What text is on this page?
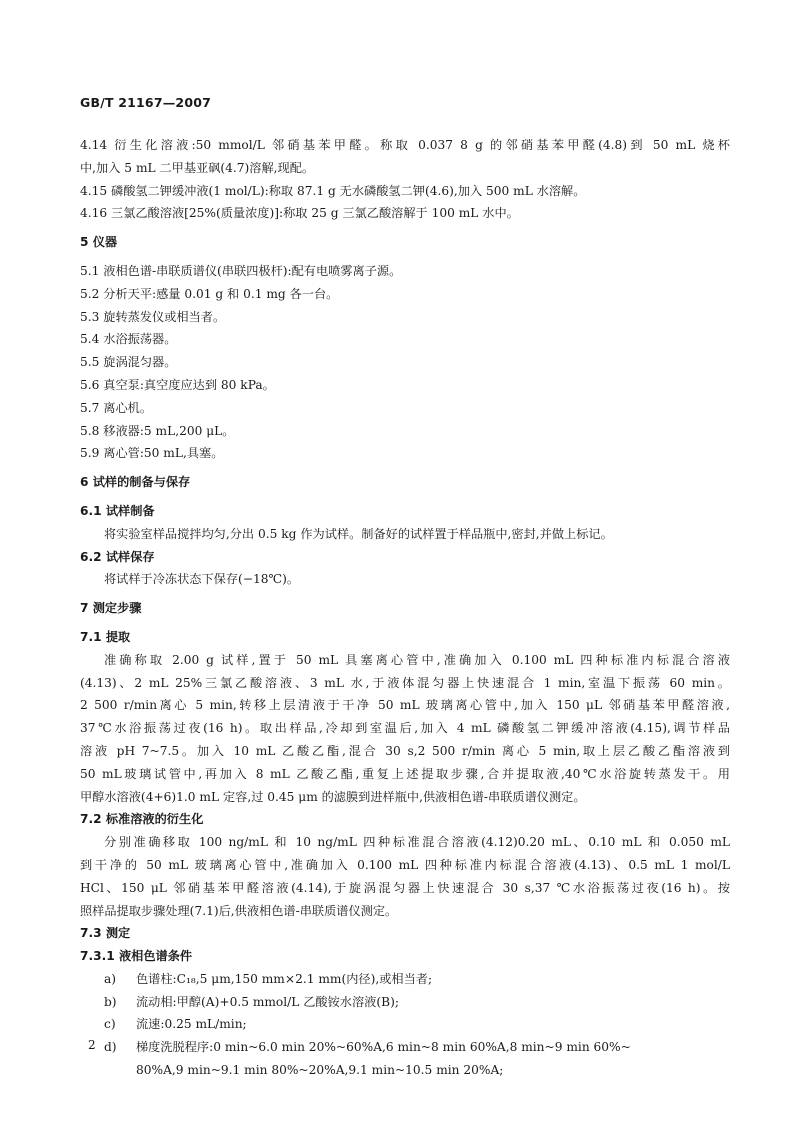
GB/T 21167—2007
4.14 衍生化溶液:50 mmol/L 邻硝基苯甲醛。称取 0.037 8 g 的邻硝基苯甲醛(4.8)到 50 mL 烧杯
中,加入 5 mL 二甲基亚砜(4.7)溶解,现配。
4.15 磷酸氢二钾缓冲液(1 mol/L):称取 87.1 g 无水磷酸氢二钾(4.6),加入 500 mL 水溶解。
4.16 三氯乙酸溶液[25%(质量浓度)]:称取 25 g 三氯乙酸溶解于 100 mL 水中。
5 仪器
5.1 液相色谱-串联质谱仪(串联四极杆):配有电喷雾离子源。
5.2 分析天平:感量 0.01 g 和 0.1 mg 各一台。
5.3 旋转蒸发仪或相当者。
5.4 水浴振荡器。
5.5 旋涡混匀器。
5.6 真空泵:真空度应达到 80 kPa。
5.7 离心机。
5.8 移液器:5 mL,200 μL。
5.9 离心管:50 mL,具塞。
6 试样的制备与保存
6.1 试样制备
将实验室样品搅拌均匀,分出 0.5 kg 作为试样。制备好的试样置于样品瓶中,密封,并做上标记。
6.2 试样保存
将试样于冷冻状态下保存(−18℃)。
7 测定步骤
7.1 提取
准确称取 2.00 g 试样,置于 50 mL 具塞离心管中,准确加入 0.100 mL 四种标准内标混合溶液
(4.13)、2 mL 25%三氯乙酸溶液、3 mL 水,于液体混匀器上快速混合 1 min,室温下振荡 60 min。
2 500 r/min离心 5 min,转移上层清液于干净 50 mL 玻璃离心管中,加入 150 μL 邻硝基苯甲醛溶液,
37℃水浴振荡过夜(16 h)。取出样品,冷却到室温后,加入 4 mL 磷酸氢二钾缓冲溶液(4.15),调节样品
溶液 pH 7~7.5。加入 10 mL 乙酸乙酯,混合 30 s,2 500 r/min 离心 5 min,取上层乙酸乙酯溶液到
50 mL玻璃试管中,再加入 8 mL 乙酸乙酯,重复上述提取步骤,合并提取液,40℃水浴旋转蒸发干。用
甲醇水溶液(4+6)1.0 mL 定容,过 0.45 μm 的滤膜到进样瓶中,供液相色谱-串联质谱仪测定。
7.2 标准溶液的衍生化
分别准确移取 100 ng/mL 和 10 ng/mL 四种标准混合溶液(4.12)0.20 mL、0.10 mL 和 0.050 mL
到干净的 50 mL 玻璃离心管中,准确加入 0.100 mL 四种标准内标混合溶液(4.13)、0.5 mL 1 mol/L
HCl、150 μL 邻硝基苯甲醛溶液(4.14),于旋涡混匀器上快速混合 30 s,37 ℃水浴振荡过夜(16 h)。按
照样品提取步骤处理(7.1)后,供液相色谱-串联质谱仪测定。
7.3 测定
7.3.1 液相色谱条件
a) 色谱柱:C₁₈,5 μm,150 mm×2.1 mm(内径),或相当者;
b) 流动相:甲醇(A)+0.5 mmol/L 乙酸铵水溶液(B);
c) 流速:0.25 mL/min;
d) 梯度洗脱程序:0 min~6.0 min 20%~60%A,6 min~8 min 60%A,8 min~9 min 60%~
80%A,9 min~9.1 min 80%~20%A,9.1 min~10.5 min 20%A;
2
